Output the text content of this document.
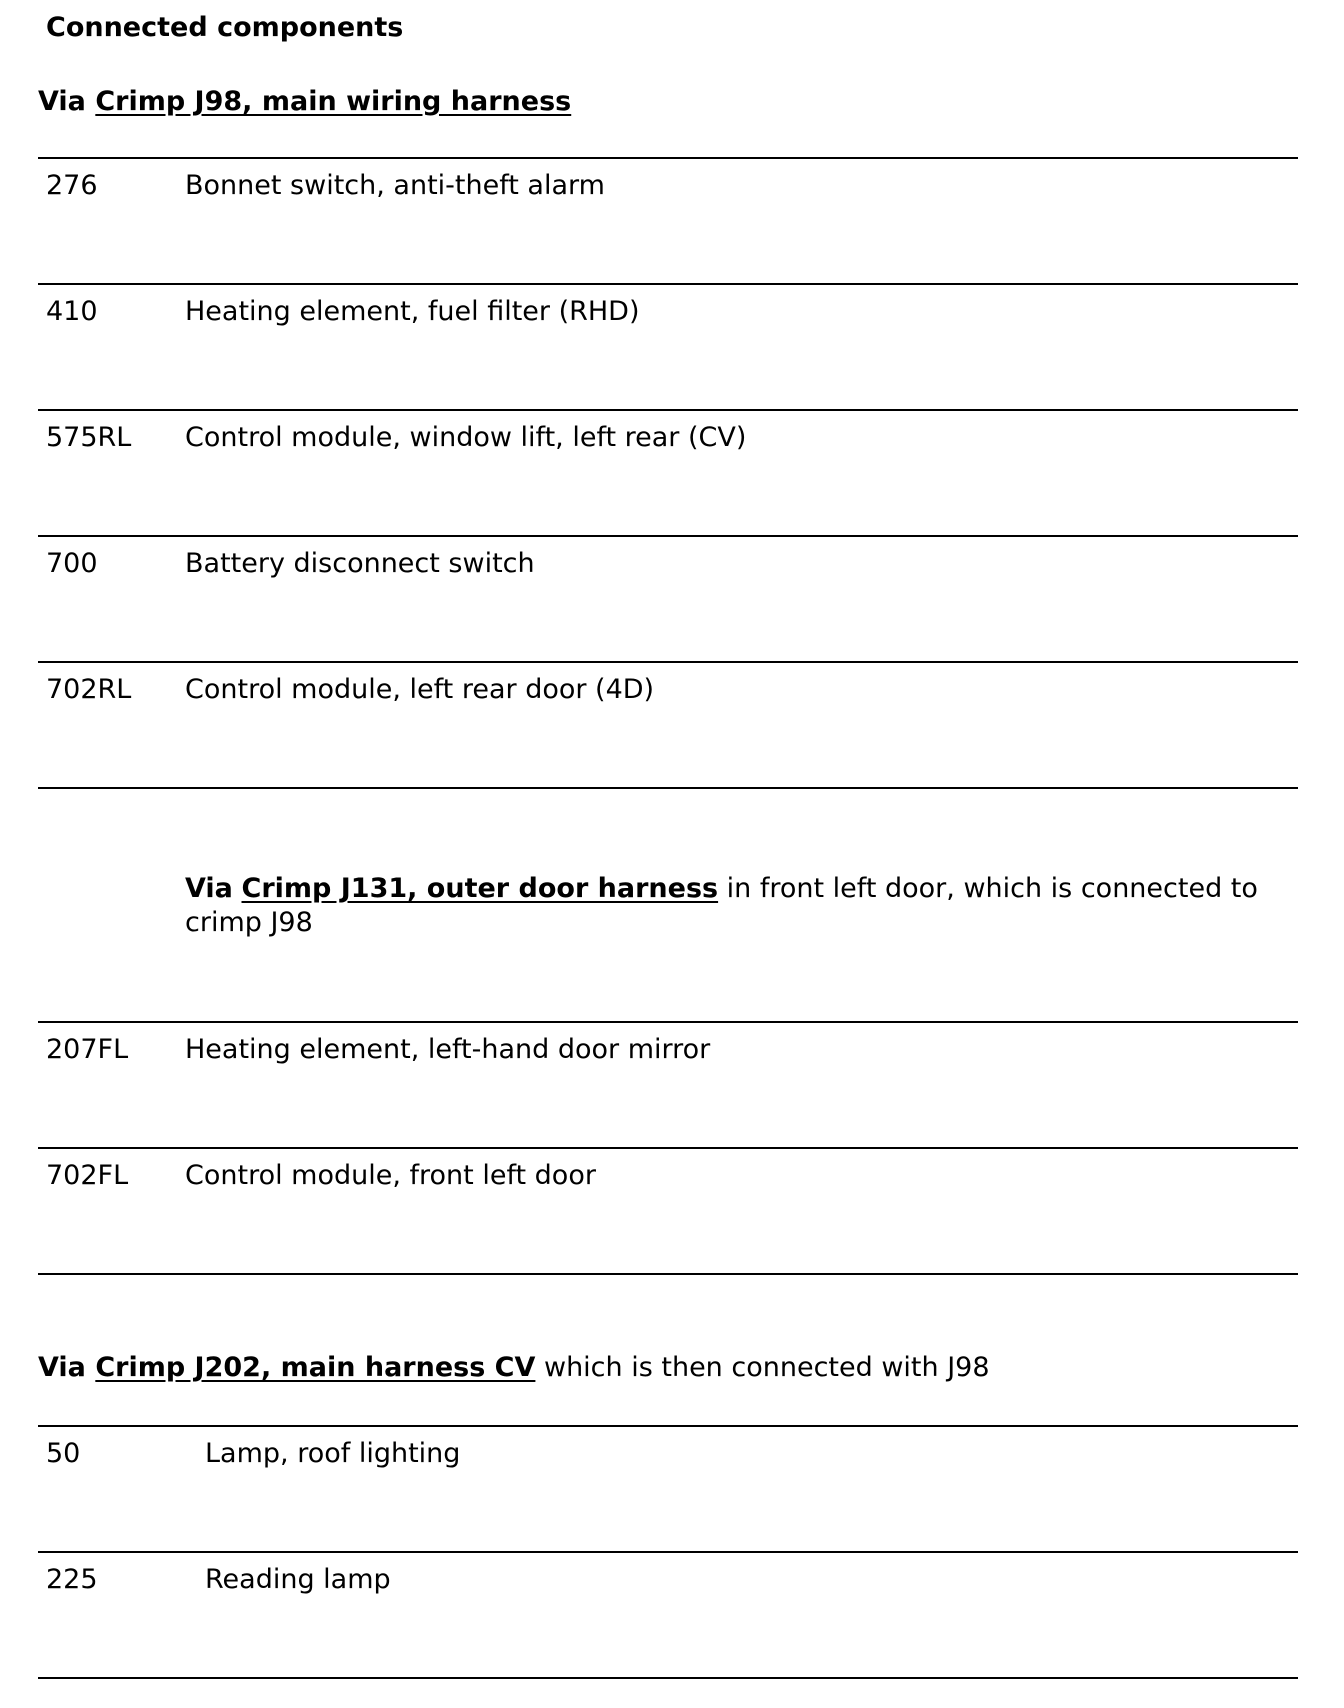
Connected components
Via Crimp J98, main wiring harness
276	Bonnet switch, anti-theft alarm
410	Heating element, fuel filter (RHD)
575RL Control module, window lift, left rear (CV)
700	Battery disconnect switch
702RL Control module, left rear door (4D)
Via Crimp J131, outer door harness in front left door, which is connected to crimp J98
207FL Heating element, left-hand door mirror
702FL Control module, front left door
Via Crimp J202, main harness CV which is then connected with J98
50	Lamp, roof lighting
225	Reading lamp
